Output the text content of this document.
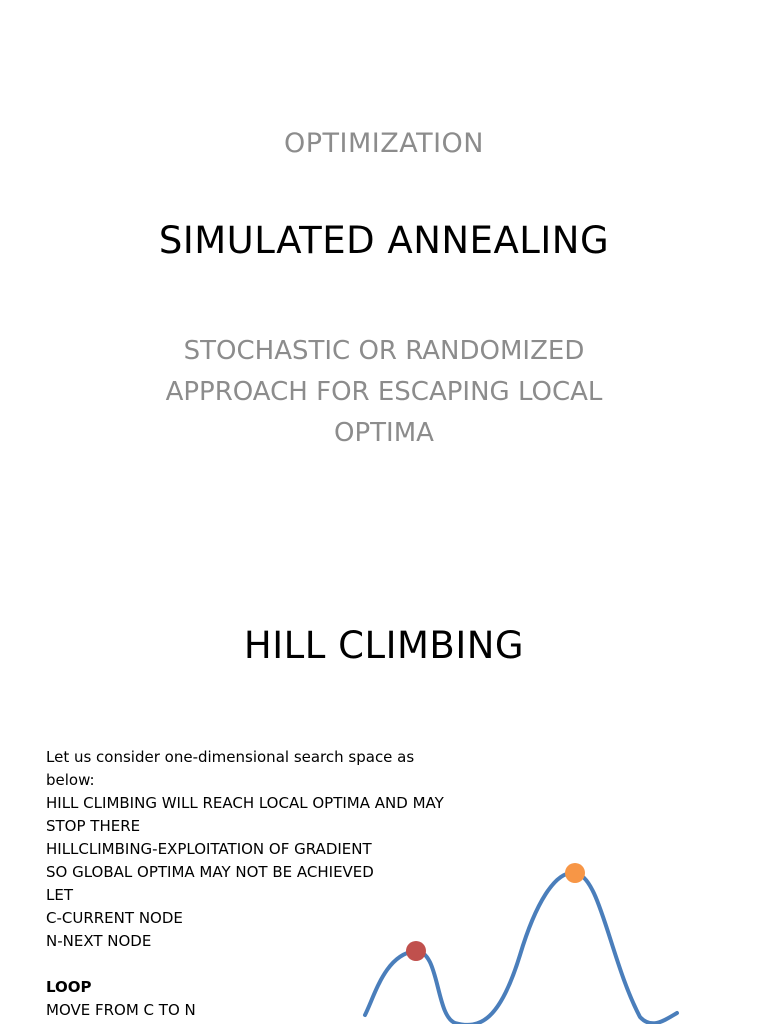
OPTIMIZATION
SIMULATED ANNEALING
STOCHASTIC OR RANDOMIZED
APPROACH FOR ESCAPING LOCAL
OPTIMA
HILL CLIMBING
Let us consider one-dimensional search space as
below:
HILL CLIMBING WILL REACH LOCAL OPTIMA AND MAY
STOP THERE
HILLCLIMBING-EXPLOITATION OF GRADIENT
SO GLOBAL OPTIMA MAY NOT BE ACHIEVED
LET
C-CURRENT NODE
N-NEXT NODE
LOOP
MOVE FROM C TO N
